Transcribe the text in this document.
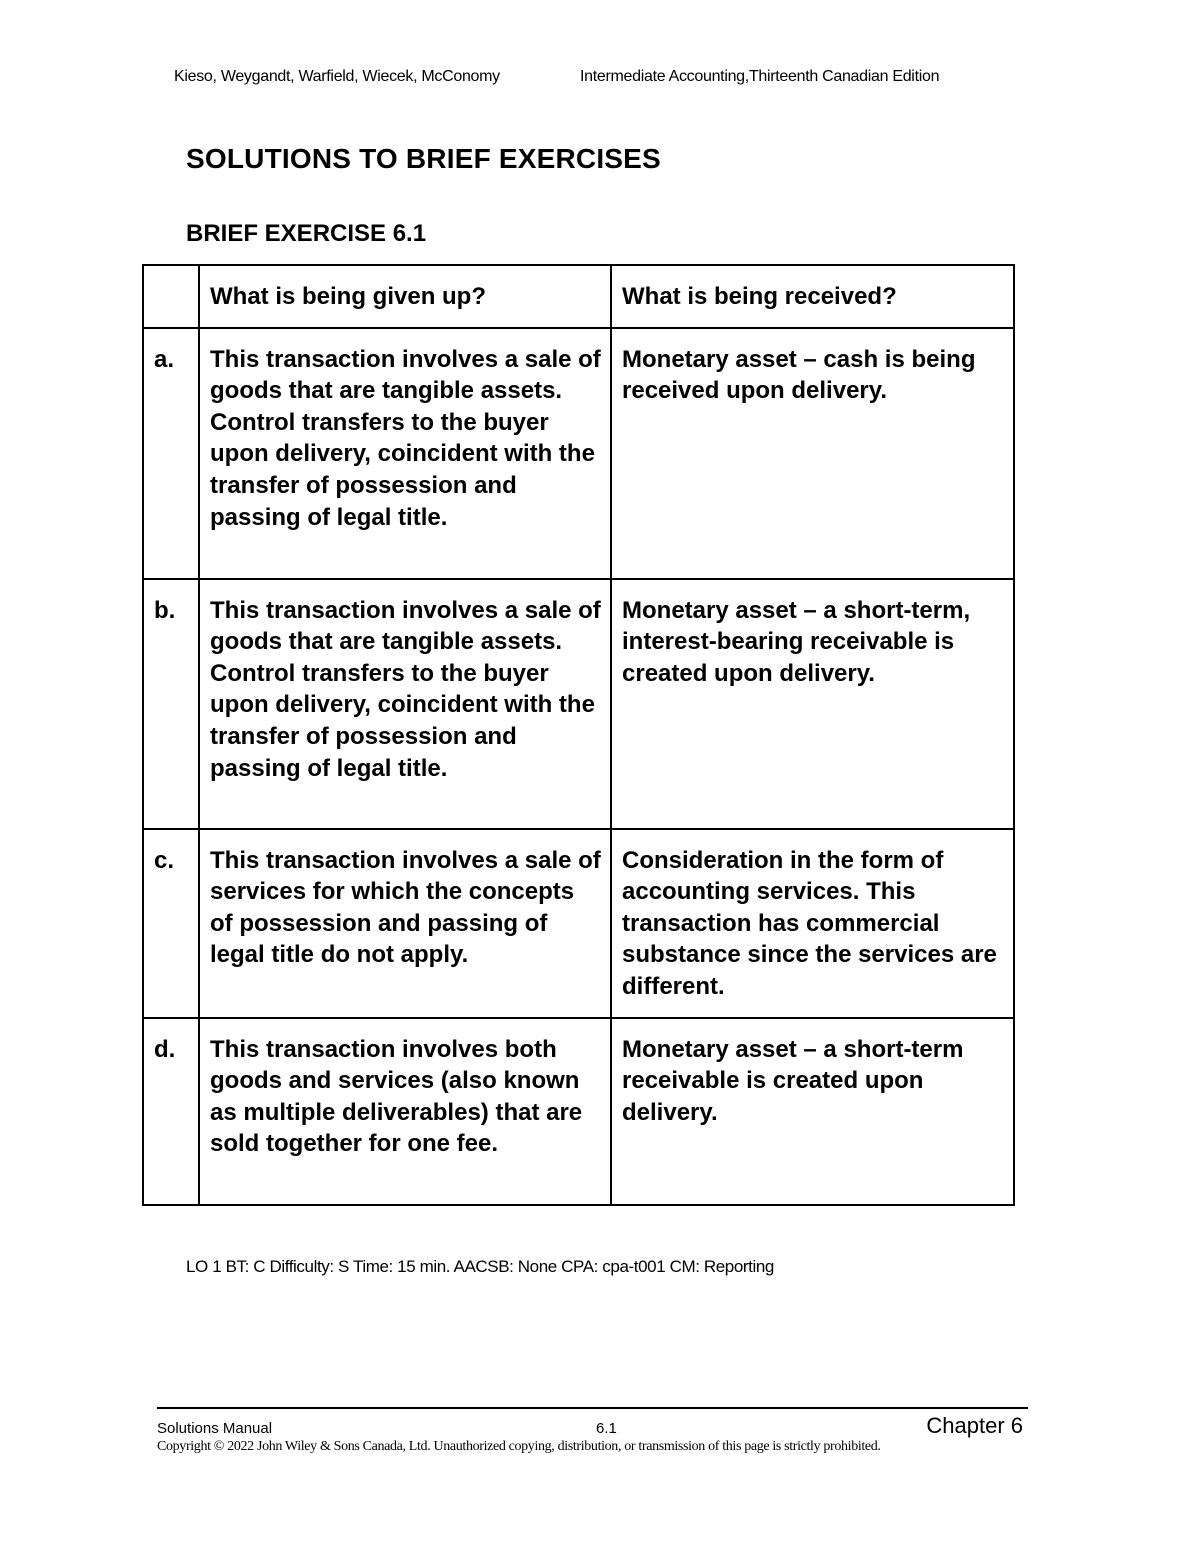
Kieso, Weygandt, Warfield, Wiecek, McConomy	Intermediate Accounting,Thirteenth Canadian Edition
SOLUTIONS TO BRIEF EXERCISES
BRIEF EXERCISE 6.1
	What is being given up?	What is being received?
a.	This transaction involves a sale of goods that are tangible assets. Control transfers to the buyer upon delivery, coincident with the transfer of possession and passing of legal title.	Monetary asset – cash is being received upon delivery.
b.	This transaction involves a sale of goods that are tangible assets. Control transfers to the buyer upon delivery, coincident with the transfer of possession and passing of legal title.	Monetary asset – a short-term, interest-bearing receivable is created upon delivery.
c.	This transaction involves a sale of services for which the concepts of possession and passing of legal title do not apply.	Consideration in the form of accounting services. This transaction has commercial substance since the services are different.
d.	This transaction involves both goods and services (also known as multiple deliverables) that are sold together for one fee.	Monetary asset – a short-term receivable is created upon delivery.
LO 1 BT: C Difficulty: S Time: 15 min. AACSB: None CPA: cpa-t001 CM: Reporting
Solutions Manual	6.1	Chapter 6
Copyright © 2022 John Wiley & Sons Canada, Ltd. Unauthorized copying, distribution, or transmission of this page is strictly prohibited.
